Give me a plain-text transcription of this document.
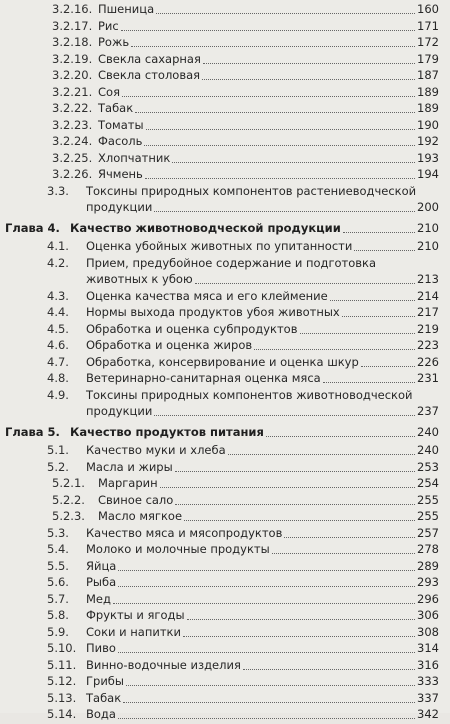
3.2.16. Пшеница	160
3.2.17. Рис	171
3.2.18. Рожь	172
3.2.19. Свекла сахарная	179
3.2.20. Свекла столовая	187
3.2.21. Соя	189
3.2.22. Табак	189
3.2.23. Томаты	190
3.2.24. Фасоль	192
3.2.25. Хлопчатник	193
3.2.26. Ячмень	194
3.3. Токсины природных компонентов растениеводческой
продукции	200
Глава 4. Качество животноводческой продукции	210
4.1. Оценка убойных животных по упитанности	210
4.2. Прием, предубойное содержание и подготовка
животных к убою	213
4.3. Оценка качества мяса и его клеймение	214
4.4. Нормы выхода продуктов убоя животных	217
4.5. Обработка и оценка субпродуктов	219
4.6. Обработка и оценка жиров	223
4.7. Обработка, консервирование и оценка шкур	226
4.8. Ветеринарно-санитарная оценка мяса	231
4.9. Токсины природных компонентов животноводческой
продукции	237
Глава 5. Качество продуктов питания	240
5.1. Качество муки и хлеба	240
5.2. Масла и жиры	253
5.2.1. Маргарин	254
5.2.2. Свиное сало	255
5.2.3. Масло мягкое	255
5.3. Качество мяса и мясопродуктов	257
5.4. Молоко и молочные продукты	278
5.5. Яйца	289
5.6. Рыба	293
5.7. Мед	296
5.8. Фрукты и ягоды	306
5.9. Соки и напитки	308
5.10. Пиво	314
5.11. Винно-водочные изделия	316
5.12. Грибы	333
5.13. Табак	337
5.14. Вода	342
